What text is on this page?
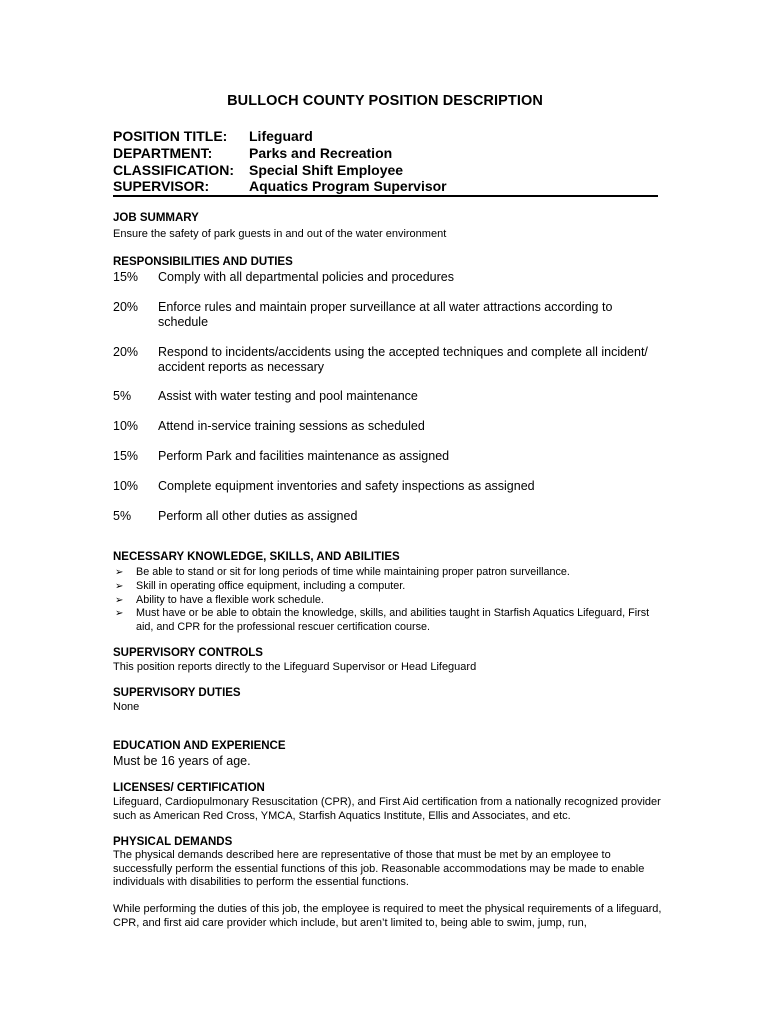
BULLOCH COUNTY POSITION DESCRIPTION
POSITION TITLE:	Lifeguard
DEPARTMENT:	Parks and Recreation
CLASSIFICATION:	Special Shift Employee
SUPERVISOR:	Aquatics Program Supervisor
JOB SUMMARY
Ensure the safety of park guests in and out of the water environment
RESPONSIBILITIES AND DUTIES
15% Comply with all departmental policies and procedures
20% Enforce rules and maintain proper surveillance at all water attractions according to schedule
20% Respond to incidents/accidents using the accepted techniques and complete all incident/ accident reports as necessary
5% Assist with water testing and pool maintenance
10% Attend in-service training sessions as scheduled
15% Perform Park and facilities maintenance as assigned
10% Complete equipment inventories and safety inspections as assigned
5% Perform all other duties as assigned
NECESSARY KNOWLEDGE, SKILLS, AND ABILITIES
➢ Be able to stand or sit for long periods of time while maintaining proper patron surveillance.
➢ Skill in operating office equipment, including a computer.
➢ Ability to have a flexible work schedule.
➢ Must have or be able to obtain the knowledge, skills, and abilities taught in Starfish Aquatics Lifeguard, First aid, and CPR for the professional rescuer certification course.
SUPERVISORY CONTROLS
This position reports directly to the Lifeguard Supervisor or Head Lifeguard
SUPERVISORY DUTIES
None
EDUCATION AND EXPERIENCE
Must be 16 years of age.
LICENSES/ CERTIFICATION
Lifeguard, Cardiopulmonary Resuscitation (CPR), and First Aid certification from a nationally recognized provider such as American Red Cross, YMCA, Starfish Aquatics Institute, Ellis and Associates, and etc.
PHYSICAL DEMANDS
The physical demands described here are representative of those that must be met by an employee to successfully perform the essential functions of this job. Reasonable accommodations may be made to enable individuals with disabilities to perform the essential functions.
While performing the duties of this job, the employee is required to meet the physical requirements of a lifeguard, CPR, and first aid care provider which include, but aren’t limited to, being able to swim, jump, run,
